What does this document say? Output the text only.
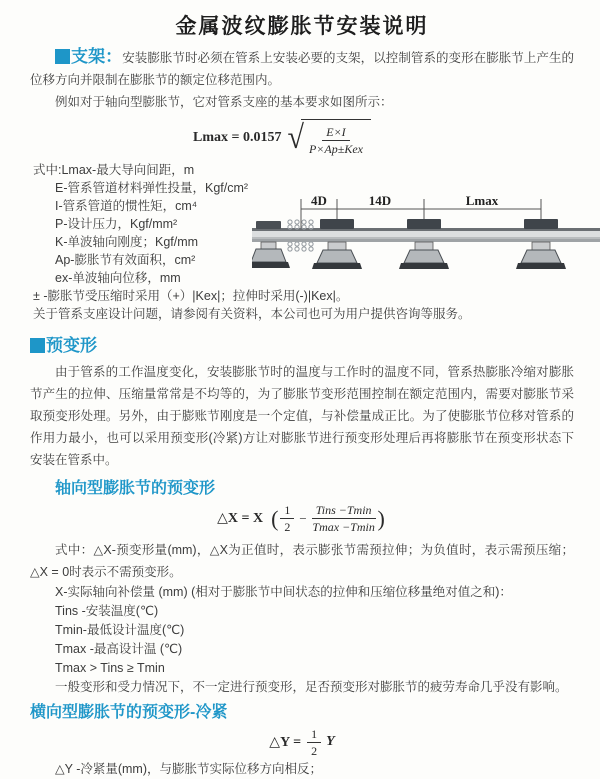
金属波纹膨胀节安装说明

支架：安装膨胀节时必须在管系上安装必要的支架，以控制管系的变形在膨胀节上产生的位移方向并限制在膨胀节的额定位移范围内。

例如对于轴向型膨胀节，它对管系支座的基本要求如图所示：

Lmax = 0.0157 √ $\frac{E\times I}{\text{P×Ap±Kex}}$
式中:Lmax-最大导向间距，m
E-管系管道材料弹性投量，Kgf/cm²
I-管系管道的惯性矩，cm⁴
P-设计压力，Kgf/mm²
K-单波轴向刚度；Kgf/mm
Ap-膨胀节有效面积，cm²
ex-单波轴向位移，mm
± -膨胀节受压缩时采用（+）|Kex|；拉伸时采用(-)|Kex|。
关于管系支座设计问题，请参阅有关资料，本公司也可为用户提供咨询等服务。
4D	14D	Lmax
预变形

由于管系的工作温度变化，安装膨胀节时的温度与工作时的温度不同，管系热膨胀冷缩对膨胀节产生的拉伸、压缩量常常是不均等的，为了膨胀节变形范围控制在额定范围内，需要对膨胀节采取预变形处理。另外，由于膨账节刚度是一个定值，与补偿量成正比。为了使膨胀节位移对管系的作用力最小，也可以采用预变形(冷紧)方让对膨胀节进行预变形处理后再将膨胀节在预变形状态下安装在管系中。

轴向型膨胀节的预变形
△X = X ( $\frac{1}{2} - \frac{\text{Tins −Tmin}}{Tmax -Tmin}$ )

式中：△X-预变形量(mm)，△X为正值时，表示膨张节需预拉伸；为负值时，表示需预压缩；△X = 0时表示不需预变形。

X-实际轴向补偿量 (mm) (相对于膨胀节中间状态的拉伸和压缩位移量绝对值之和)：
Tins -安装温度(℃)
Tmin-最低设计温度(℃)
Tmax -最高设计温 (℃)
Tmax > Tins ≥ Tmin
一般变形和受力情况下，不一定进行预变形，足否预变形对膨胀节的疲劳寿命几乎没有影响。
横向型膨胀节的预变形-冷紧
△Y = $\frac{1}{2}$ Y
△Y -冷紧量(mm)，与膨胀节实际位移方向相反；
